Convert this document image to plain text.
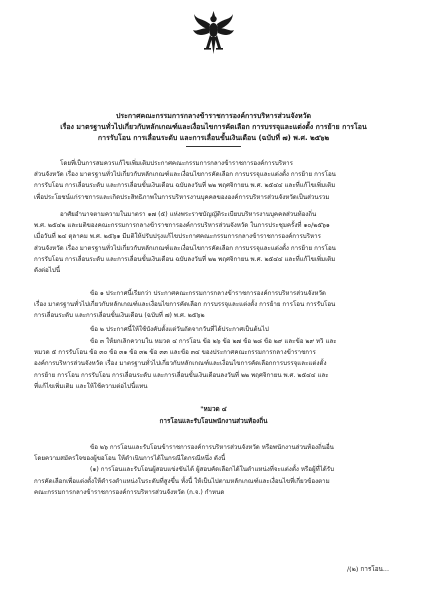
ประกาศคณะกรรมการกลางข้าราชการองค์การบริหารส่วนจังหวัด
เรื่อง มาตรฐานทั่วไปเกี่ยวกับหลักเกณฑ์และเงื่อนไขการคัดเลือก การบรรจุและแต่งตั้ง การย้าย การโอน
การรับโอน การเลื่อนระดับ และการเลื่อนขั้นเงินเดือน (ฉบับที่ ๗) พ.ศ. ๒๕๖๒
โดยที่เป็นการสมควรแก้ไขเพิ่มเติมประกาศคณะกรรมการกลางข้าราชการองค์การบริหาร
ส่วนจังหวัด เรื่อง มาตรฐานทั่วไปเกี่ยวกับหลักเกณฑ์และเงื่อนไขการคัดเลือก การบรรจุและแต่งตั้ง การย้าย การโอน
การรับโอน การเลื่อนระดับ และการเลื่อนขั้นเงินเดือน ฉบับลงวันที่ ๒๒ พฤศจิกายน พ.ศ. ๒๕๔๔ และที่แก้ไขเพิ่มเติม
เพื่อประโยชน์แก่ราชการและเกิดประสิทธิภาพในการบริหารงานบุคคลขององค์การบริหารส่วนจังหวัดเป็นส่วนรวม
อาศัยอำนาจตามความในมาตรา ๑๗ (๕) แห่งพระราชบัญญัติระเบียบบริหารงานบุคคลส่วนท้องถิ่น
พ.ศ. ๒๕๔๒ และมติของคณะกรรมการกลางข้าราชการองค์การบริหารส่วนจังหวัด ในการประชุมครั้งที่ ๑๐/๒๕๖๑
เมื่อวันที่ ๒๔ ตุลาคม พ.ศ. ๒๕๖๑ มีมติให้ปรับปรุงแก้ไขประกาศคณะกรรมการกลางข้าราชการองค์การบริหาร
ส่วนจังหวัด เรื่อง มาตรฐานทั่วไปเกี่ยวกับหลักเกณฑ์และเงื่อนไขการคัดเลือก การบรรจุและแต่งตั้ง การย้าย การโอน
การรับโอน การเลื่อนระดับ และการเลื่อนขั้นเงินเดือน ฉบับลงวันที่ ๒๒ พฤศจิกายน พ.ศ. ๒๕๔๔ และที่แก้ไขเพิ่มเติม
ดังต่อไปนี้
ข้อ ๑ ประกาศนี้เรียกว่า ประกาศคณะกรรมการกลางข้าราชการองค์การบริหารส่วนจังหวัด
เรื่อง มาตรฐานทั่วไปเกี่ยวกับหลักเกณฑ์และเงื่อนไขการคัดเลือก การบรรจุและแต่งตั้ง การย้าย การโอน การรับโอน
การเลื่อนระดับ และการเลื่อนขั้นเงินเดือน (ฉบับที่ ๗) พ.ศ. ๒๕๖๒
ข้อ ๒ ประกาศนี้ให้ใช้บังคับตั้งแต่วันถัดจากวันที่ได้ประกาศเป็นต้นไป
ข้อ ๓ ให้ยกเลิกความใน หมวด ๔ การโอน ข้อ ๒๖ ข้อ ๒๗ ข้อ ๒๘ ข้อ ๒๙ และข้อ ๒๙ ทวิ และ
หมวด ๕ การรับโอน ข้อ ๓๐ ข้อ ๓๑ ข้อ ๓๒ ข้อ ๓๓ และข้อ ๓๔ ของประกาศคณะกรรมการกลางข้าราชการ
องค์การบริหารส่วนจังหวัด เรื่อง มาตรฐานทั่วไปเกี่ยวกับหลักเกณฑ์และเงื่อนไขการคัดเลือกการบรรจุและแต่งตั้ง
การย้าย การโอน การรับโอน การเลื่อนระดับ และการเลื่อนขั้นเงินเดือนลงวันที่ ๒๒ พฤศจิกายน พ.ศ. ๒๕๔๔ และ
ที่แก้ไขเพิ่มเติม และให้ใช้ความต่อไปนี้แทน
"หมวด ๔
การโอนและรับโอนพนักงานส่วนท้องถิ่น
ข้อ ๒๖ การโอนและรับโอนข้าราชการองค์การบริหารส่วนจังหวัด หรือพนักงานส่วนท้องถิ่นอื่น
โดยความสมัครใจของผู้ขอโอน ให้ดำเนินการได้ในกรณีใดกรณีหนึ่ง ดังนี้
(๑) การโอนและรับโอนผู้สอบแข่งขันได้ ผู้สอบคัดเลือกได้ในตำแหน่งที่จะแต่งตั้ง หรือผู้ที่ได้รับ
การคัดเลือกเพื่อแต่งตั้งให้ดำรงตำแหน่งในระดับที่สูงขึ้น ทั้งนี้ ให้เป็นไปตามหลักเกณฑ์และเงื่อนไขที่เกี่ยวข้องตาม
คณะกรรมการกลางข้าราชการองค์การบริหารส่วนจังหวัด (ก.จ.) กำหนด
/(๒) การโอน...
